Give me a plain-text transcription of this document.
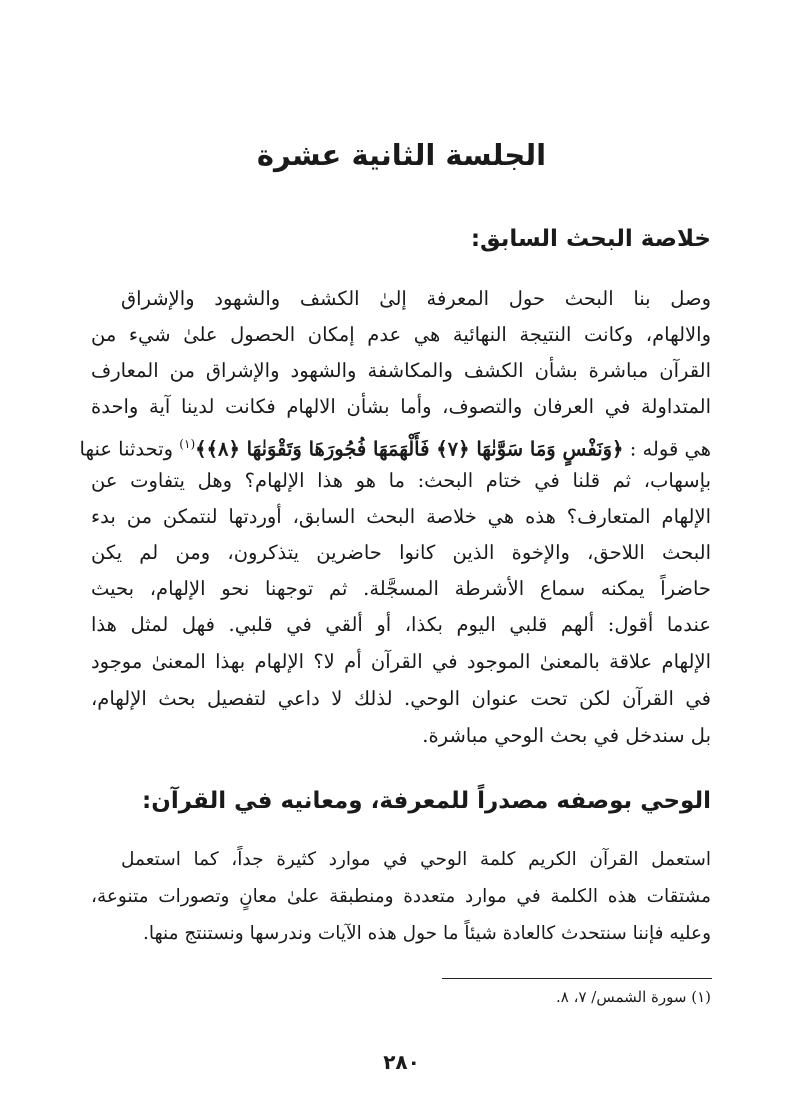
الجلسة الثانية عشرة
خلاصة البحث السابق:
وصل بنا البحث حول المعرفة إلىٰ الكشف والشهود والإشراق
والالهام، وكانت النتيجة النهائية هي عدم إمكان الحصول علىٰ شيء من
القرآن مباشرة بشأن الكشف والمكاشفة والشهود والإشراق من المعارف
المتداولة في العرفان والتصوف، وأما بشأن الالهام فكانت لدينا آية واحدة
هي قوله : ﴿وَنَفْسٍ وَمَا سَوَّنٰهَا ﴿٧﴾ فَأَلْهَمَهَا فُجُورَهَا وَتَقْوَنٰهَا ﴿٨﴾﴾$^{(١)}$ وتحدثنا عنها
بإسهاب، ثم قلنا في ختام البحث: ما هو هذا الإلهام؟ وهل يتفاوت عن
الإلهام المتعارف؟ هذه هي خلاصة البحث السابق، أوردتها لنتمكن من بدء
البحث اللاحق، والإخوة الذين كانوا حاضرين يتذكرون، ومن لم يكن
حاضراً يمكنه سماع الأشرطة المسجَّلة. ثم توجهنا نحو الإلهام، بحيث
عندما أقول: ألهم قلبي اليوم بكذا، أو ألقي في قلبي. فهل لمثل هذا
الإلهام علاقة بالمعنىٰ الموجود في القرآن أم لا؟ الإلهام بهذا المعنىٰ موجود
في القرآن لكن تحت عنوان الوحي. لذلك لا داعي لتفصيل بحث الإلهام،
بل سندخل في بحث الوحي مباشرة.
الوحي بوصفه مصدراً للمعرفة، ومعانيه في القرآن:
استعمل القرآن الكريم كلمة الوحي في موارد كثيرة جداً، كما استعمل
مشتقات هذه الكلمة في موارد متعددة ومنطبقة علىٰ معانٍ وتصورات متنوعة،
وعليه فإننا سنتحدث كالعادة شيئاً ما حول هذه الآيات وندرسها ونستنتج منها.
(١) سورة الشمس/ ٧، ٨.
٢٨٠
